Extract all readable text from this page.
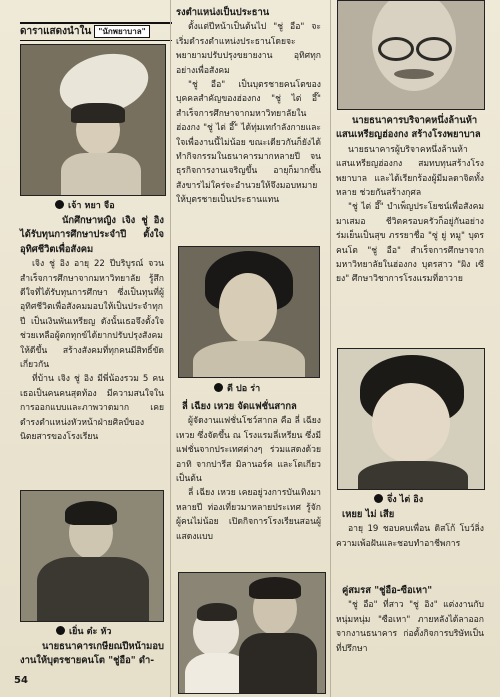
ดาราแสดงนำใน "นักพยาบาล"
เจ้า หยา จือ

นักศึกษาหญิง เจิง ชู่ อิง ได้รับทุนการศึกษาประจำปี ตั้งใจอุทิศชีวิตเพื่อสังคม

เจิง ชู่ อิง อายุ 22 ปีบริบูรณ์ จวนสำเร็จการศึกษาจากมหาวิทยาลัย รู้สึกดีใจที่ได้รับทุนการศึกษา ซึ่งเป็นทุนที่ผู้อุทิศชีวิตเพื่อสังคมมอบให้เป็นประจำทุกปี เป็นเงินพันเหรียญ ดังนั้นเธอจึงตั้งใจช่วยเหลือผู้ตกทุกข์ได้ยากปรับปรุงสังคมให้ดีขึ้น สร้างสังคมที่ทุกคนมีสิทธิ์ขัดเกี่ยวกัน

ที่บ้าน เจิง ชู่ อิง มีพี่น้องรวม 5 คน เธอเป็นคนคนสุดท้อง มีความสนใจในการออกแบบและภาพวาดมาก เคยดำรงตำแหน่งหัวหน้าฝ่ายศิลป์ของนิตยสารของโรงเรียน

เยิ่น ต๋ะ หัว

นายธนาคารเกษียณปีหน้ามอบงานให้บุตรชายคนโต "ชู่อือ" ดำ-

54

รงตำแหน่งเป็นประธาน

ตั้งแต่ปีหน้าเป็นต้นไป "ชู่ อือ" จะเริ่มดำรงตำแหน่งประธานโดยจะพยายามปรับปรุงขยายงาน อุทิศทุกอย่างเพื่อสังคม

"ชู่ อือ" เป็นบุตรชายคนโตของบุคคลสำคัญของฮ่องกง "ชู่ ไต่ อึ๊" สำเร็จการศึกษาจากมหาวิทยาลัยในฮ่องกง "ชู่ ไต่ อึ๊" ได้ทุ่มเทกำลังกายและใจเพื่องานนี้ไม่น้อย ขณะเดียวกันก็ยังได้ทำกิจกรรมในธนาคารมากหลายปี จนธุรกิจการงานเจริญขึ้น อายุก็มากขึ้น สังขารไม่ใคร่จะอำนวยให้จึงมอบหมายให้บุตรชายเป็นประธานแทน

ตี ปอ ร่า

ลี่ เฉียง เหวย จัดแฟชั่นสากล

ผู้จัดงานแฟชั่นโชว์สากล คือ ลี่ เฉียง เหวย ซึ่งจัดขึ้น ณ โรงแรมลี่เหรียน ซึ่งมีแฟชั่นจากประเทศต่างๆ ร่วมแสดงด้วย อาทิ จากปารีส มิลานอร์ค และโตเกียว เป็นต้น

ลี่ เฉียง เหวย เคยอยู่วงการบันเทิงมาหลายปี ท่องเที่ยวมาหลายประเทศ รู้จักผู้คนไม่น้อย เปิดกิจการโรงเรียนสอนผู้แสดงแบบ

นายธนาคารบริจาคหนึ่งล้านห้าแสนเหรียญฮ่องกง สร้างโรงพยาบาล

นายธนาคารผู้บริจาคหนึ่งล้านห้าแสนเหรียญฮ่องกง สมทบทุนสร้างโรงพยาบาล และได้เรียกร้องผู้มีมลดาจิตทั้งหลาย ช่วยกันสร้างกุศล

"ชู่ ไต่ อึ๊" บำเพ็ญประโยชน์เพื่อสังคมมาเสมอ ชีวิตครอบครัวก็อยู่กันอย่างร่มเย็นเป็นสุข ภรรยาชื่อ "ซู่ ยู่ หมู" บุตรคนโต "ชู่ อือ" สำเร็จการศึกษาจากมหาวิทยาลัยในฮ่องกง บุตรสาว "ผิง เซียง" ศึกษาวิชาการโรงแรมที่ฮาวาย

จึ่ง ไต่ อิง

เหยย ไม่ เสีย

อายุ 19 ชอบคบเพื่อน ดิสโก้ โบว์ลิ่ง ความเพ้อฝันและชอบทำอาชีพการ

คู่สมรส "ชู่อือ-ซือเหา"

"ชู่ อือ" ที่สาว "ชู่ อิง" แต่งงานกับหนุ่มหนุ่ม "ซือเหา" ภายหลังได้ลาออกจากงานธนาคาร ก่อตั้งกิจการบริษัทเป็นที่ปรึกษา
